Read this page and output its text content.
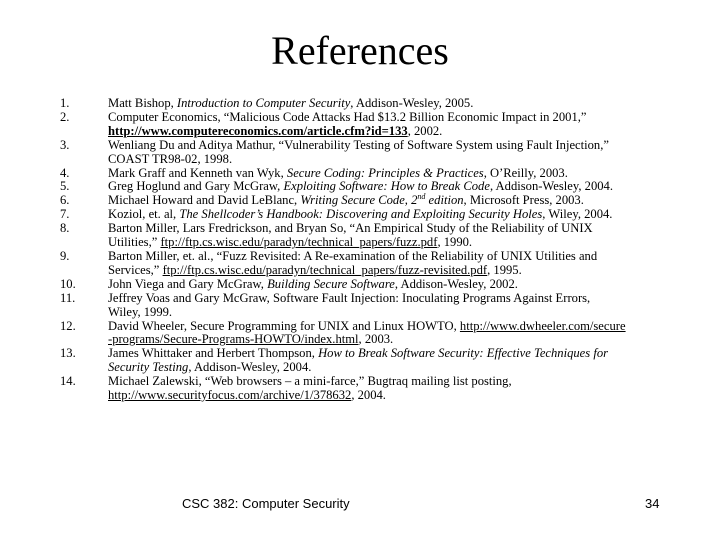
References
1.	Matt Bishop, Introduction to Computer Security, Addison-Wesley, 2005.
2.	Computer Economics, “Malicious Code Attacks Had $13.2 Billion Economic Impact in 2001,”
http://www.computereconomics.com/article.cfm?id=133, 2002.
3.	Wenliang Du and Aditya Mathur, “Vulnerability Testing of Software System using Fault Injection,”
COAST TR98-02, 1998.
4.	Mark Graff and Kenneth van Wyk, Secure Coding: Principles & Practices, O’Reilly, 2003.
5.	Greg Hoglund and Gary McGraw, Exploiting Software: How to Break Code, Addison-Wesley, 2004.
6.	Michael Howard and David LeBlanc, Writing Secure Code, 2nd edition, Microsoft Press, 2003.
7.	Koziol, et. al, The Shellcoder’s Handbook: Discovering and Exploiting Security Holes, Wiley, 2004.
8.	Barton Miller, Lars Fredrickson, and Bryan So, “An Empirical Study of the Reliability of UNIX
Utilities,” ftp://ftp.cs.wisc.edu/paradyn/technical_papers/fuzz.pdf, 1990.
9.	Barton Miller, et. al., “Fuzz Revisited: A Re-examination of the Reliability of UNIX Utilities and
Services,” ftp://ftp.cs.wisc.edu/paradyn/technical_papers/fuzz-revisited.pdf, 1995.
10.	John Viega and Gary McGraw, Building Secure Software, Addison-Wesley, 2002.
11.	Jeffrey Voas and Gary McGraw, Software Fault Injection: Inoculating Programs Against Errors,
Wiley, 1999.
12.	David Wheeler, Secure Programming for UNIX and Linux HOWTO, http://www.dwheeler.com/secure
-programs/Secure-Programs-HOWTO/index.html, 2003.
13.	James Whittaker and Herbert Thompson, How to Break Software Security: Effective Techniques for
Security Testing, Addison-Wesley, 2004.
14.	Michael Zalewski, “Web browsers – a mini-farce,” Bugtraq mailing list posting,
http://www.securityfocus.com/archive/1/378632, 2004.
CSC 382: Computer Security	34
